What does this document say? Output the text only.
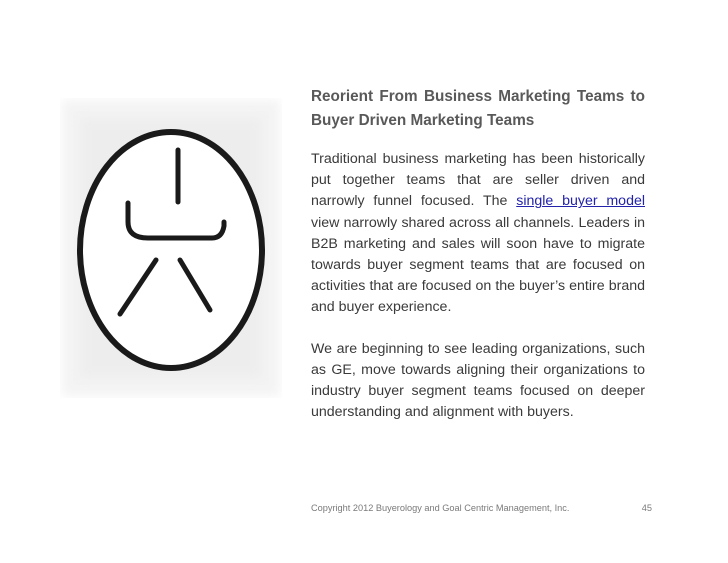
Reorient From Business Marketing Teams to Buyer Driven Marketing Teams

Traditional business marketing has been historically put together teams that are seller driven and narrowly funnel focused. The single buyer model view narrowly shared across all channels. Leaders in B2B marketing and sales will soon have to migrate towards buyer segment teams that are focused on activities that are focused on the buyer’s entire brand and buyer experience.

We are beginning to see leading organizations, such as GE, move towards aligning their organizations to industry buyer segment teams focused on deeper understanding and alignment with buyers.

Copyright 2012 Buyerology and Goal Centric Management, Inc.	45
